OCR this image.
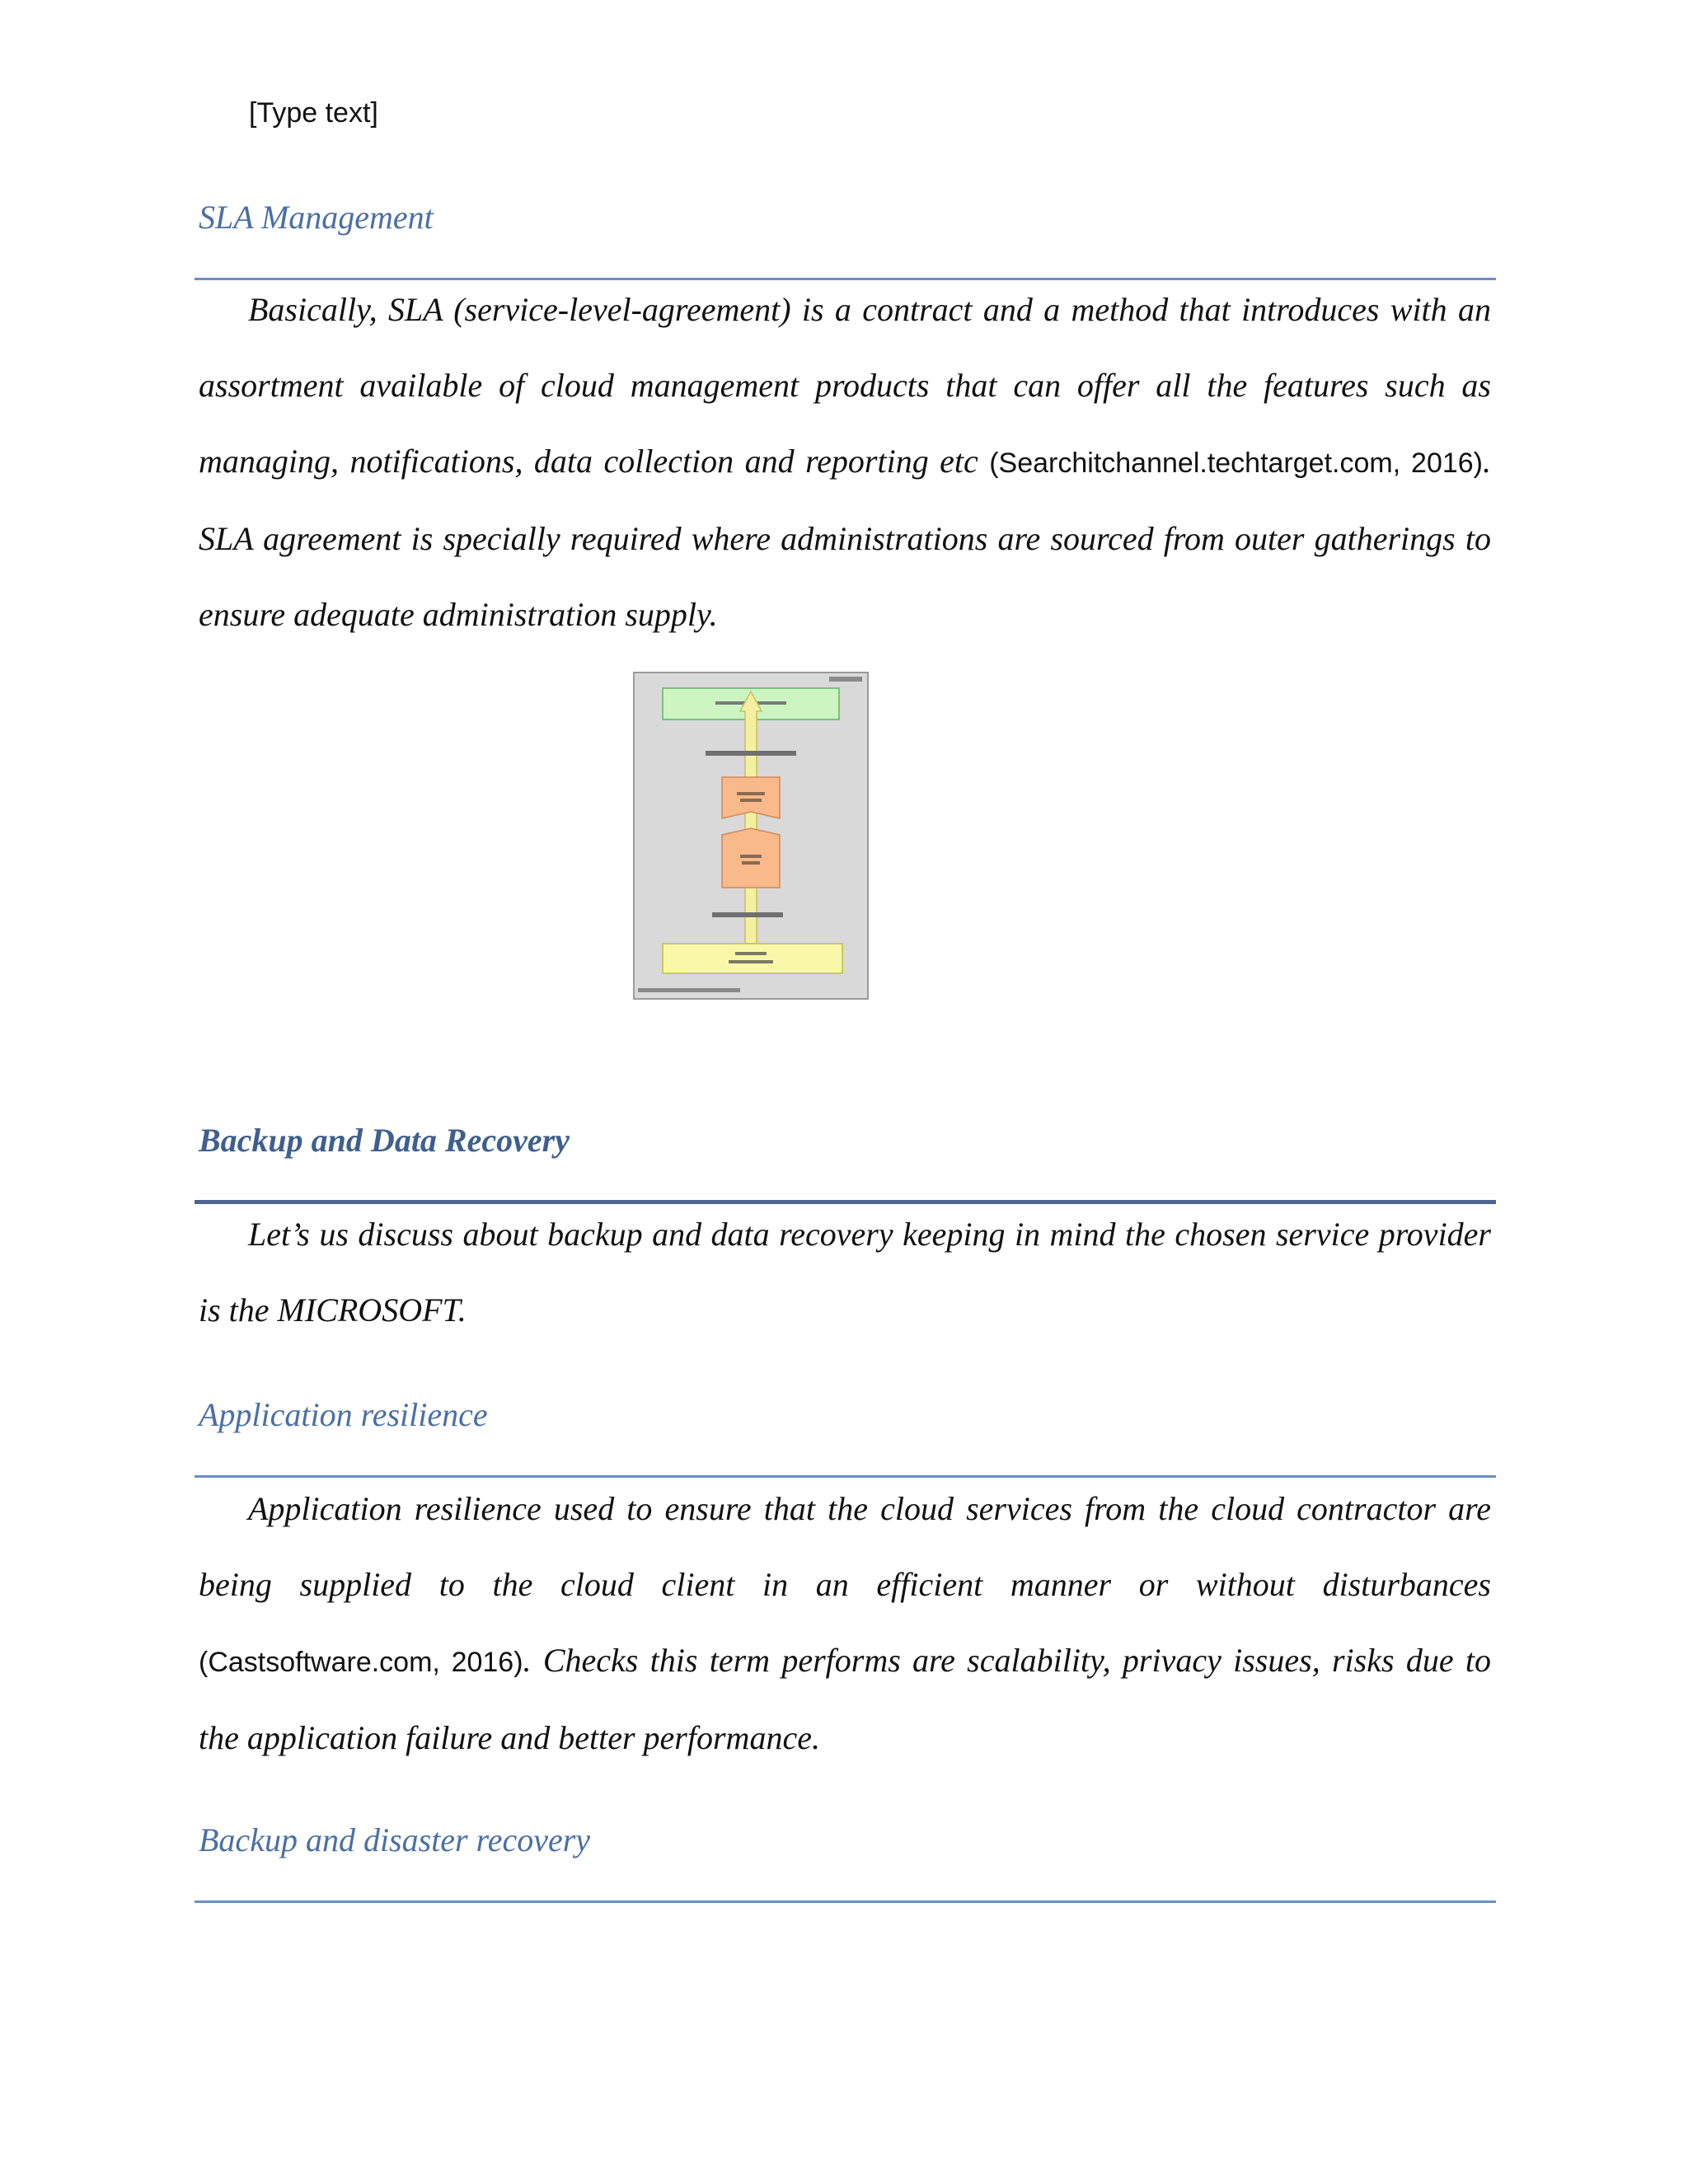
[Type text]
SLA Management
Basically, SLA (service-level-agreement) is a contract and a method that introduces with an assortment available of cloud management products that can offer all the features such as managing, notifications, data collection and reporting etc (Searchitchannel.techtarget.com, 2016). SLA agreement is specially required where administrations are sourced from outer gatherings to ensure adequate administration supply.
Backup and Data Recovery
Let’s us discuss about backup and data recovery keeping in mind the chosen service provider is the MICROSOFT.
Application resilience
Application resilience used to ensure that the cloud services from the cloud contractor are being supplied to the cloud client in an efficient manner or without disturbances (Castsoftware.com, 2016). Checks this term performs are scalability, privacy issues, risks due to the application failure and better performance.
Backup and disaster recovery
